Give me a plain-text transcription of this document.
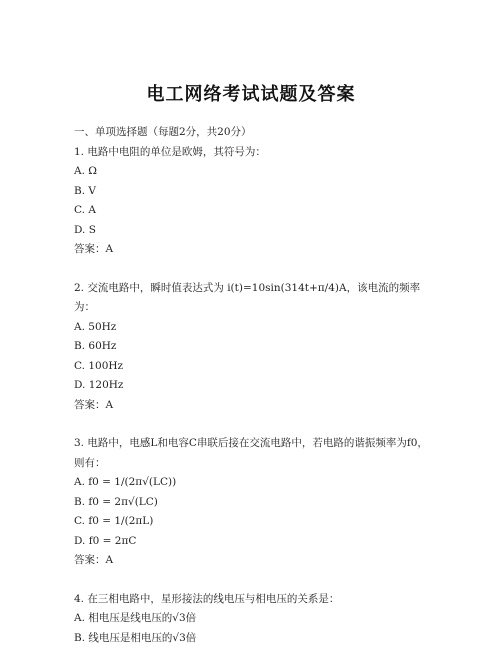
电工网络考试试题及答案
一、单项选择题（每题2分，共20分）
1. 电路中电阻的单位是欧姆，其符号为：
A. Ω
B. V
C. A
D. S
答案：A
2. 交流电路中，瞬时值表达式为 i(t)=10sin(314t+π/4)A，该电流的频率为：
A. 50Hz
B. 60Hz
C. 100Hz
D. 120Hz
答案：A
3. 电路中，电感L和电容C串联后接在交流电路中，若电路的谐振频率为f0，则有：
A. f0 = 1/(2π√(LC))
B. f0 = 2π√(LC)
C. f0 = 1/(2πL)
D. f0 = 2πC
答案：A
4. 在三相电路中，星形接法的线电压与相电压的关系是：
A. 相电压是线电压的√3倍
B. 线电压是相电压的√3倍
